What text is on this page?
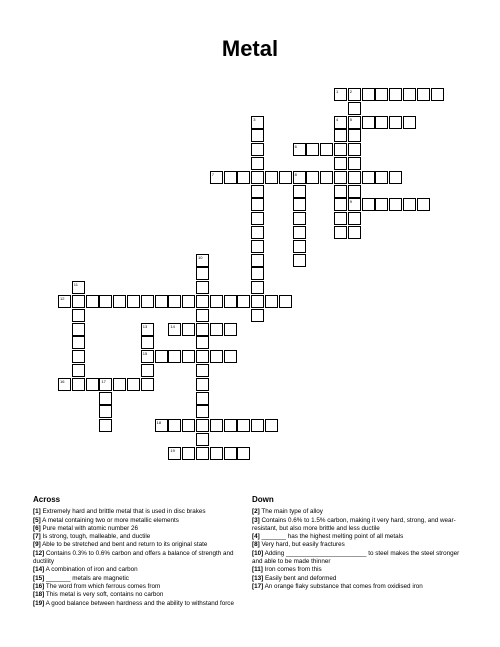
Metal
1	2
5
9
3	4
6
7	8
10
11
12
13
15
14
16	17
18
19
Across
[1] Extremely hard and brittle metal that is used in disc brakes
[5] A metal containing two or more metallic elements
[6] Pure metal with atomic number 26
[7] Is strong, tough, malleable, and ductile
[9] Able to be stretched and bent and return to its original state
[12] Contains 0.3% to 0.6% carbon and offers a balance of strength and ductility
[14] A combination of iron and carbon
[15] _______ metals are magnetic
[16] The word from which ferrous comes from
[18] This metal is very soft, contains no carbon
[19] A good balance between hardness and the ability to withstand force
Down
[2] The main type of alloy
[3] Contains 0.6% to 1.5% carbon, making it very hard, strong, and wear-resistant, but also more brittle and less ductile
[4] _______ has the highest melting point of all metals
[8] Very hard, but easily fractures
[10] Adding _______________________ to steel makes the steel stronger and able to be made thinner
[11] Iron comes from this
[13] Easily bent and deformed
[17] An orange flaky substance that comes from oxidised iron
